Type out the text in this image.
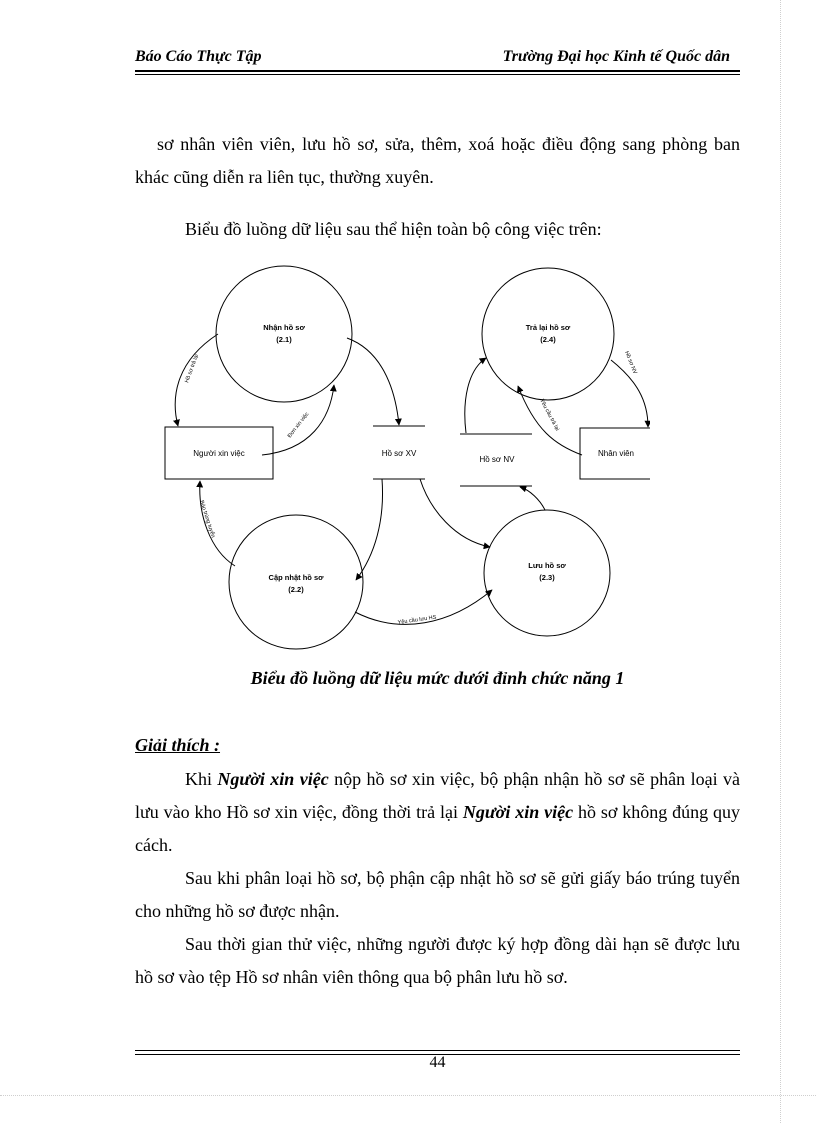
Báo Cáo Thực Tập	Trường Đại học Kinh tế Quốc dân

sơ nhân viên viên, lưu hồ sơ, sửa, thêm, xoá hoặc điều động sang phòng ban khác cũng diễn ra liên tục, thường xuyên.

Biểu đồ luồng dữ liệu sau thể hiện toàn bộ công việc trên:

Nhận hồ sơ
(2.1)
Trả lại hồ sơ
(2.4)
Cập nhật hồ sơ
(2.2)
Lưu hồ sơ
(2.3)
Người xin việc	Nhân viên
Hồ sơ XV
Hồ sơ NV
Hồ sơ trả lại
Đơn xin việc
Hồ sơ NV
Yêu cầu trả lại
Báo trúng tuyển
Yêu cầu lưu HS
Biểu đồ luồng dữ liệu mức dưới đỉnh chức năng 1
Giải thích :

Khi Người xin việc nộp hồ sơ xin việc, bộ phận nhận hồ sơ sẽ phân loại và lưu vào kho Hồ sơ xin việc, đồng thời trả lại Người xin việc hồ sơ không đúng quy cách.

Sau khi phân loại hồ sơ, bộ phận cập nhật hồ sơ sẽ gửi giấy báo trúng tuyển cho những hồ sơ được nhận.

Sau thời gian thử việc, những người được ký hợp đồng dài hạn sẽ được lưu hồ sơ vào tệp Hồ sơ nhân viên thông qua bộ phân lưu hồ sơ.

44
